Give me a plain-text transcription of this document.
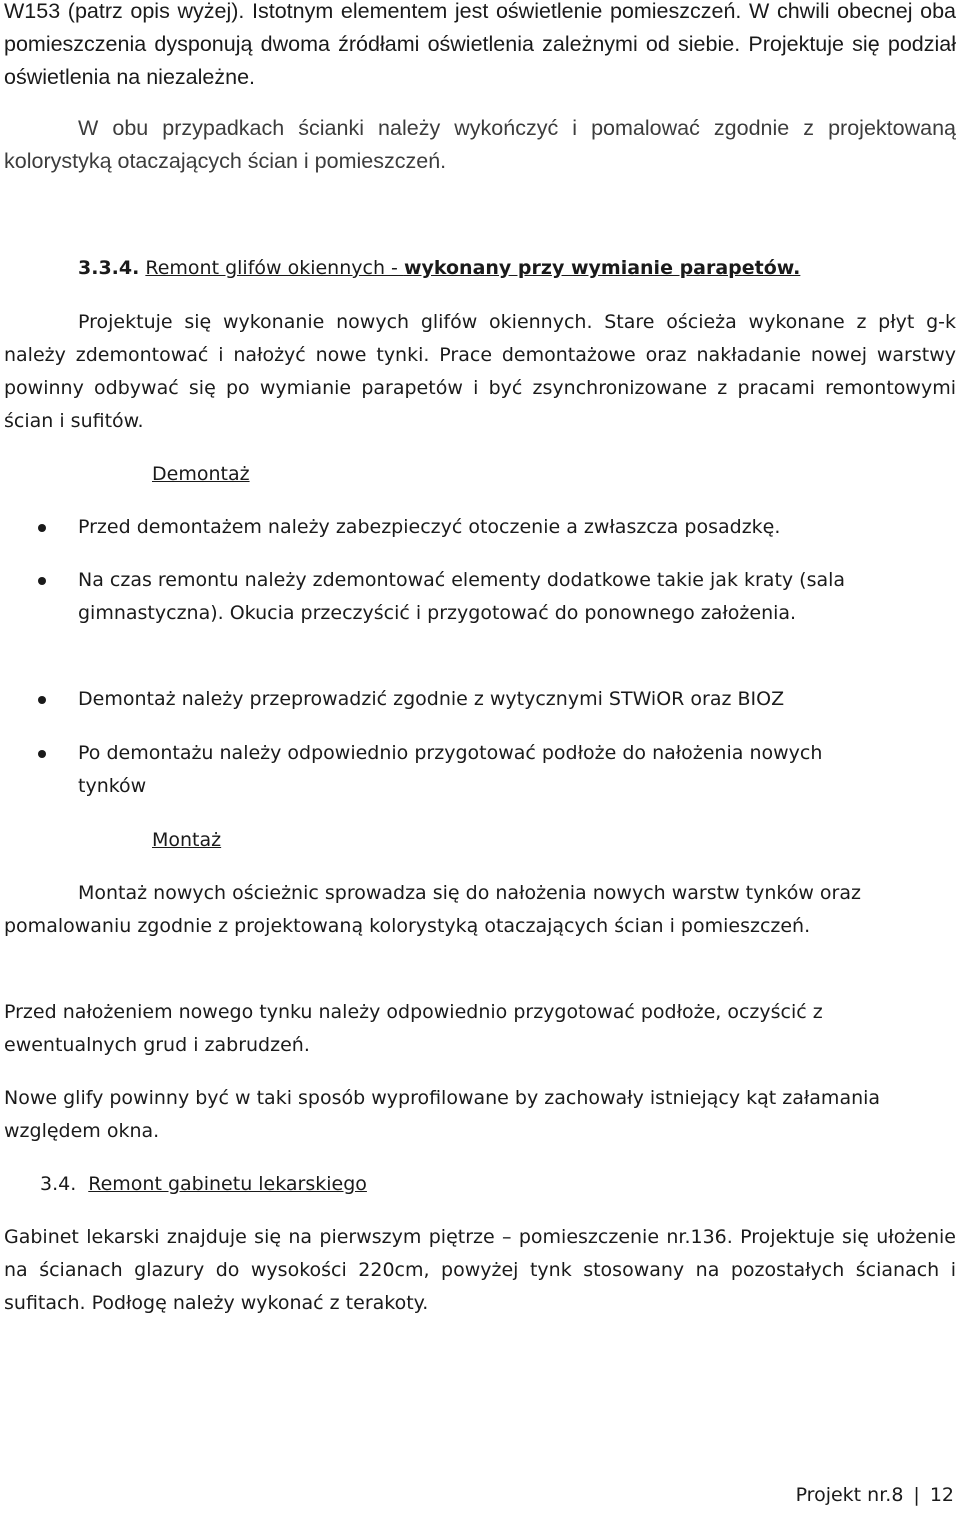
W153 (patrz opis wyżej). Istotnym elementem jest oświetlenie pomieszczeń. W chwili obecnej oba pomieszczenia dysponują dwoma źródłami oświetlenia zależnymi od siebie. Projektuje się podział oświetlenia na niezależne.

W obu przypadkach ścianki należy wykończyć i pomalować zgodnie z projektowaną kolorystyką otaczających ścian i pomieszczeń.

3.3.4. Remont glifów okiennych - wykonany przy wymianie parapetów.

Projektuje się wykonanie nowych glifów okiennych. Stare ościeża wykonane z płyt g-k należy zdemontować i nałożyć nowe tynki. Prace demontażowe oraz nakładanie nowej warstwy powinny odbywać się po wymianie parapetów i być zsynchronizowane z pracami remontowymi ścian i sufitów.

Demontaż

Przed demontażem należy zabezpieczyć otoczenie a zwłaszcza posadzkę.

Na czas remontu należy zdemontować elementy dodatkowe takie jak kraty (sala gimnastyczna). Okucia przeczyścić i przygotować do ponownego założenia.

Demontaż należy przeprowadzić zgodnie z wytycznymi STWiOR oraz BIOZ

Po demontażu należy odpowiednio przygotować podłoże do nałożenia nowych tynków

Montaż

Montaż nowych ościeżnic sprowadza się do nałożenia nowych warstw tynków oraz pomalowaniu zgodnie z projektowaną kolorystyką otaczających ścian i pomieszczeń.

Przed nałożeniem nowego tynku należy odpowiednio przygotować podłoże, oczyścić z ewentualnych grud i zabrudzeń.

Nowe glify powinny być w taki sposób wyprofilowane by zachowały istniejący kąt załamania względem okna.

3.4. Remont gabinetu lekarskiego

Gabinet lekarski znajduje się na pierwszym piętrze – pomieszczenie nr.136. Projektuje się ułożenie na ścianach glazury do wysokości 220cm, powyżej tynk stosowany na pozostałych ścianach i sufitach. Podłogę należy wykonać z terakoty.

Projekt nr.8 | 12
